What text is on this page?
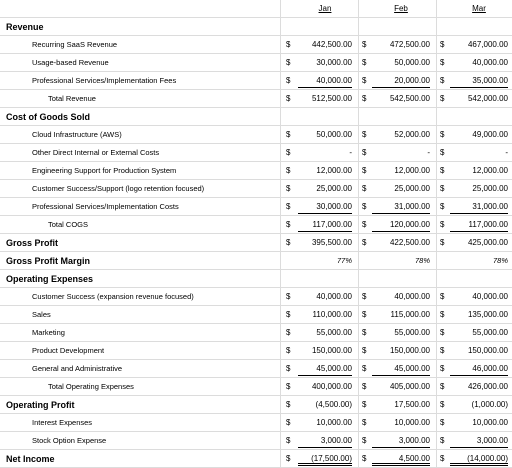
Jan	Feb	Mar
Revenue
Recurring SaaS Revenue	$	442,500.00 $	472,500.00 $	467,000.00
Usage-based Revenue	$	30,000.00 $	50,000.00 $	40,000.00
Professional Services/Implementation Fees	$	40,000.00 $	20,000.00 $	35,000.00
Total Revenue	$	512,500.00 $	542,500.00 $	542,000.00
Cost of Goods Sold
Cloud Infrastructure (AWS)	$	50,000.00 $	52,000.00 $	49,000.00
Other Direct Internal or External Costs	$	- $	- $	-
Engineering Support for Production System	$	12,000.00 $	12,000.00 $	12,000.00
Customer Success/Support (logo retention focused)	$	25,000.00 $	25,000.00 $	25,000.00
Professional Services/Implementation Costs	$	30,000.00 $	31,000.00 $	31,000.00
Total COGS	$	117,000.00 $	120,000.00 $	117,000.00
Gross Profit	$	395,500.00 $	422,500.00 $	425,000.00
Gross Profit Margin	77%	78%	78%
Operating Expenses
Customer Success (expansion revenue focused)	$	40,000.00 $	40,000.00 $	40,000.00
Sales	$	110,000.00 $	115,000.00 $	135,000.00
Marketing	$	55,000.00 $	55,000.00 $	55,000.00
Product Development	$	150,000.00 $	150,000.00 $	150,000.00
General and Administrative	$	45,000.00 $	45,000.00 $	46,000.00
Total Operating Expenses	$	400,000.00 $	405,000.00 $	426,000.00
Operating Profit	$	(4,500.00) $	17,500.00 $	(1,000.00)
Interest Expenses	$	10,000.00 $	10,000.00 $	10,000.00
Stock Option Expense	$	3,000.00 $	3,000.00 $	3,000.00
Net Income	$	(17,500.00) $	4,500.00 $	(14,000.00)
